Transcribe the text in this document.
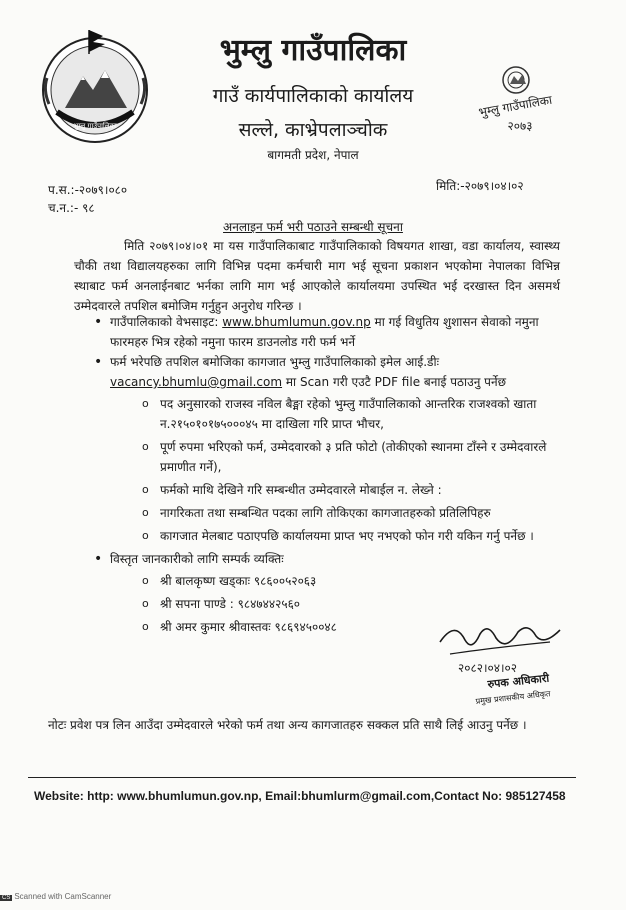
भुम्लु गाउँपालिका
भुम्लु गाउँपालिका
गाउँ कार्यपालिकाको कार्यालय
सल्ले, काभ्रेपलाञ्चोक
बागमती प्रदेश, नेपाल
भुम्लु गाउँपालिका
२०७३
प.स.:-२०७९।०८०
च.न.:- ९८
मिति:-२०७९।०४।०२
अनलाइन फर्म भरी पठाउने सम्बन्धी सूचना
मिति २०७९।०४।०१ मा यस गाउँपालिकाबाट गाउँपालिकाको विषयगत शाखा, वडा कार्यालय, स्वास्थ्य चौकी तथा विद्यालयहरुका लागि विभिन्न पदमा कर्मचारी माग भई सूचना प्रकाशन भएकोमा नेपालका विभिन्न स्थाबाट फर्म अनलाईनबाट भर्नका लागि माग भई आएकोले कार्यालयमा उपस्थित भई दरखास्त दिन असमर्थ उम्मेदवारले तपशिल बमोजिम गर्नुहुन अनुरोध गरिन्छ ।
• गाउँपालिकाको वेभसाइट: www.bhumlumun.gov.np मा गई विधुतिय शुशासन सेवाको नमुना फारमहरु भित्र रहेको नमुना फारम डाउनलोड गरी फर्म भर्ने
• फर्म भरेपछि तपशिल बमोजिका कागजात भुम्लु गाउँपालिकाको इमेल आई.डीः vacancy.bhumlu@gmail.com मा Scan गरी एउटै PDF file बनाई पठाउनु पर्नेछ
o पद अनुसारको राजस्व नविल बैङ्मा रहेको भुम्लु गाउँपालिकाको आन्तरिक राजश्वको खाता न.२१५०१०१७५०००४५ मा दाखिला गरि प्राप्त भौचर,
o पूर्ण रुपमा भरिएको फर्म, उम्मेदवारको ३ प्रति फोटो (तोकीएको स्थानमा टाँस्ने र उम्मेदवारले प्रमाणीत गर्ने),
o फर्मको माथि देखिने गरि सम्बन्धीत उम्मेदवारले मोबाईल न. लेख्ने :
o नागरिकता तथा सम्बन्धित पदका लागि तोकिएका कागजातहरुको प्रतिलिपिहरु
o कागजात मेलबाट पठाएपछि कार्यालयमा प्राप्त भए नभएको फोन गरी यकिन गर्नु पर्नेछ ।
• विस्तृत जानकारीको लागि सम्पर्क व्यक्तिः
o श्री बालकृष्ण खड्काः ९८६००५२०६३
o श्री सपना पाण्डे : ९८४७४४२५६०
o श्री अमर कुमार श्रीवास्तवः ९८६९४५००४८
२०८२।०४।०२
रुपक अधिकारी
प्रमुख प्रशासकीय अधिकृत
नोटः प्रवेश पत्र लिन आउँदा उम्मेदवारले भरेको फर्म तथा अन्य कागजातहरु सक्कल प्रति साथै लिई आउनु पर्नेछ ।
Website: http: www.bhumlumun.gov.np, Email:bhumlurm@gmail.com,Contact No: 985127458
CS Scanned with CamScanner
